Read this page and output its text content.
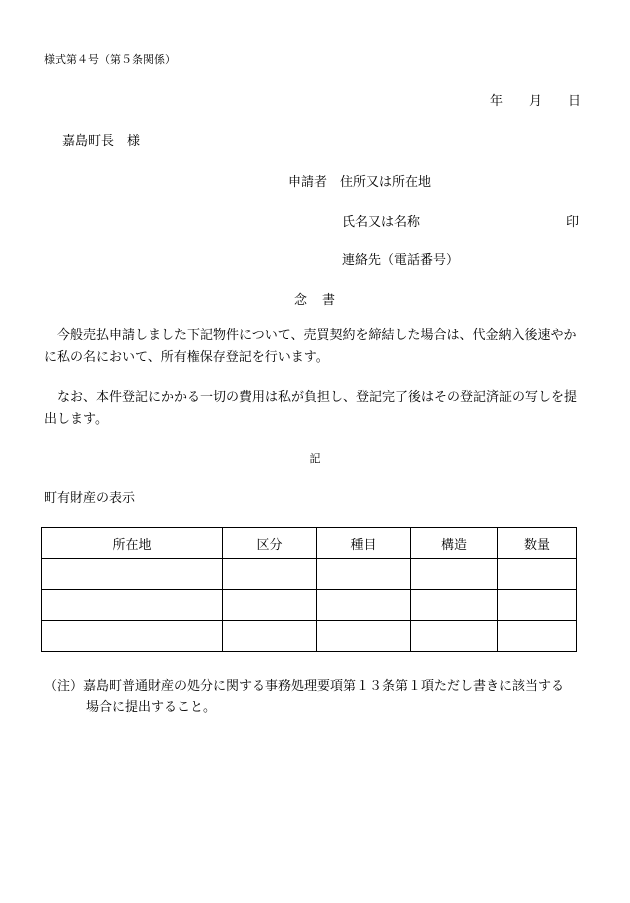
様式第４号（第５条関係）
年 月 日
嘉島町長　様
申請者　住所又は所在地
氏名又は名称	印
連絡先（電話番号）
念　書
今般売払申請しました下記物件について、売買契約を締結した場合は、代金納入後速やかに私の名において、所有権保存登記を行います。
なお、本件登記にかかる一切の費用は私が負担し、登記完了後はその登記済証の写しを提出します。
記
町有財産の表示
所在地	区分	種目	構造	数量

（注）嘉島町普通財産の処分に関する事務処理要項第１３条第１項ただし書きに該当する
場合に提出すること。
